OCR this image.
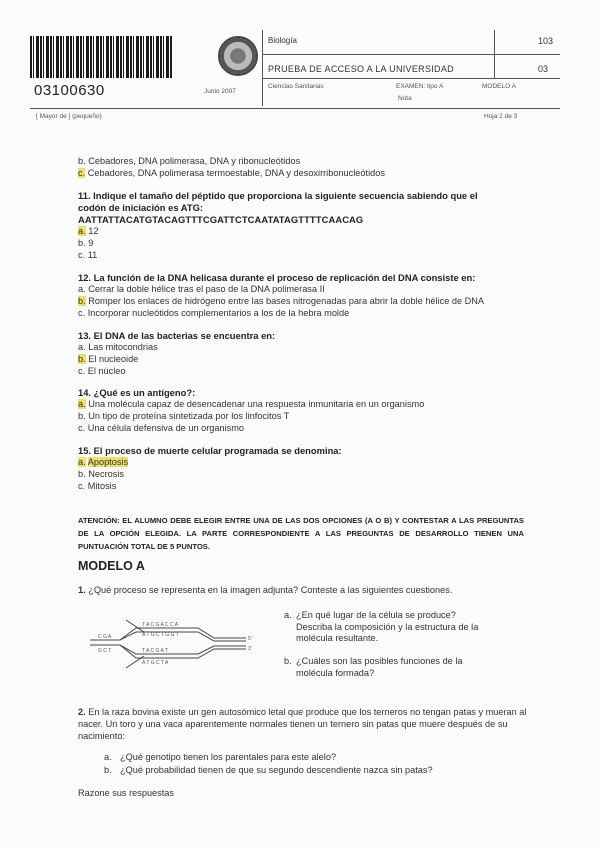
03100630	Junio 2007
Biología	103
PRUEBA DE ACCESO A LA UNIVERSIDAD	03
Ciencias Sanitarias	EXAMEN: tipo A
Nota
MODELO A
[ Mayor de ] (pequeño)	Hoja 2 de 3
b. Cebadores, DNA polimerasa, DNA y ribonucleótidos
c. Cebadores, DNA polimerasa termoestable, DNA y desoxirribonucleótidos
11. Indique el tamaño del péptido que proporciona la siguiente secuencia sabiendo que el
codón de iniciación es ATG:
AATTATTACATGTACAGTTTCGATTCTCAATATAGTTTTCAACAG
a. 12
b. 9
c. 11
12. La función de la DNA helicasa durante el proceso de replicación del DNA consiste en:
a. Cerrar la doble hélice tras el paso de la DNA polimerasa II
b. Romper los enlaces de hidrógeno entre las bases nitrogenadas para abrir la doble hélice de DNA
c. Incorporar nucleótidos complementarios a los de la hebra molde
13. El DNA de las bacterias se encuentra en:
a. Las mitocondrias
b. El nucleoide
c. El núcleo
14. ¿Qué es un antígeno?:
a. Una molécula capaz de desencadenar una respuesta inmunitaria en un organismo
b. Un tipo de proteína sintetizada por los linfocitos T
c. Una célula defensiva de un organismo
15. El proceso de muerte celular programada se denomina:
a. Apoptosis
b. Necrosis
c. Mitosis
ATENCIÓN: EL ALUMNO DEBE ELEGIR ENTRE UNA DE LAS DOS OPCIONES (A O B) Y CONTESTAR A LAS PREGUNTAS DE LA OPCIÓN ELEGIDA. LA PARTE CORRESPONDIENTE A LAS PREGUNTAS DE DESARROLLO TIENEN UNA PUNTUACIÓN TOTAL DE 5 PUNTOS.
MODELO A
1. ¿Qué proceso se representa en la imagen adjunta? Conteste a las siguientes cuestiones.
T A C G A C C A
A T G C T G G T
T A C G A T
A T G C T A
C G A
G C T
5'
3'
a. ¿En qué lugar de la célula se produce? Describa la composición y la estructura de la molécula resultante.
b. ¿Cuáles son las posibles funciones de la molécula formada?
2. En la raza bovina existe un gen autosómico letal que produce que los terneros no tengan patas y mueran al nacer. Un toro y una vaca aparentemente normales tienen un ternero sin patas que muere después de su nacimiento:
a. ¿Qué genotipo tienen los parentales para este alelo?
b. ¿Qué probabilidad tienen de que su segundo descendiente nazca sin patas?
Razone sus respuestas
